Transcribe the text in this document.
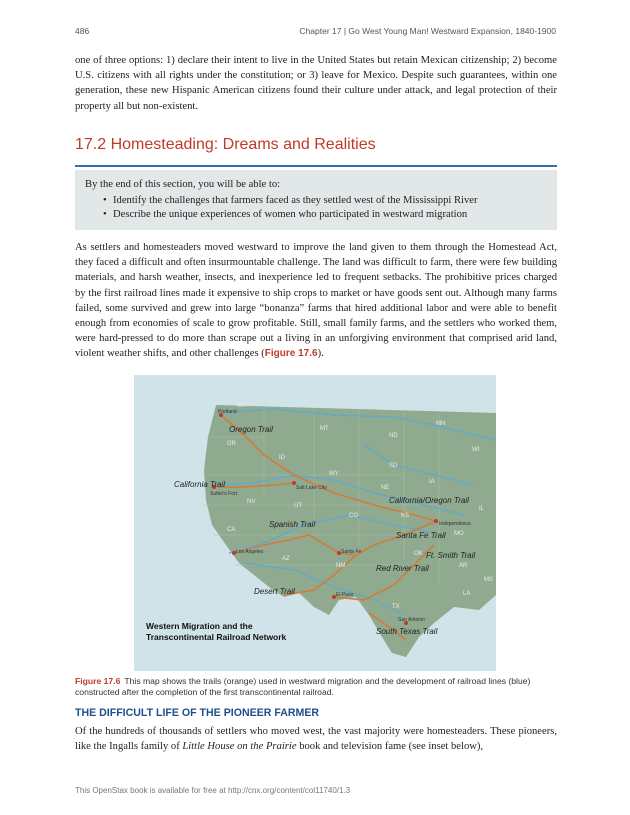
486	Chapter 17 | Go West Young Man! Westward Expansion, 1840-1900

one of three options: 1) declare their intent to live in the United States but retain Mexican citizenship; 2) become U.S. citizens with all rights under the constitution; or 3) leave for Mexico. Despite such guarantees, within one generation, these new Hispanic American citizens found their culture under attack, and legal protection of their property all but non-existent.

17.2 Homesteading: Dreams and Realities

By the end of this section, you will be able to:

• Identify the challenges that farmers faced as they settled west of the Mississippi River
• Describe the unique experiences of women who participated in westward migration

As settlers and homesteaders moved westward to improve the land given to them through the Homestead Act, they faced a difficult and often insurmountable challenge. The land was difficult to farm, there were few building materials, and harsh weather, insects, and inexperience led to frequent setbacks. The prohibitive prices charged by the first railroad lines made it expensive to ship crops to market or have goods sent out. Although many farms failed, some survived and grew into large “bonanza” farms that hired additional labor and were able to benefit enough from economies of scale to grow profitable. Still, small family farms, and the settlers who worked them, were hard-pressed to do more than scrape out a living in an unforgiving environment that comprised arid land, violent weather shifts, and other challenges (Figure 17.6).

Portland
Sutter's Fort
Salt Lake City
Independence
Los Angeles	Santa Fe
El Paso
San Antonio
Oregon Trail
California Trail
Spanish Trail
California/Oregon Trail
Santa Fe Trail
Ft. Smith Trail
Red River Trail
Desert Trail
South Texas Trail
WA
OR
ID
MT
ND
MN
SD
WY
NE
IA
CA
NV
UT
CO	KS
MO
IL
AZ
NM
OK
AR
TX
LA
MS
WI
Western Migration and the
Transcontinental Railroad Network

Figure 17.6 This map shows the trails (orange) used in westward migration and the development of railroad lines (blue) constructed after the completion of the first transcontinental railroad.

THE DIFFICULT LIFE OF THE PIONEER FARMER

Of the hundreds of thousands of settlers who moved west, the vast majority were homesteaders. These pioneers, like the Ingalls family of Little House on the Prairie book and television fame (see inset below),

This OpenStax book is available for free at http://cnx.org/content/col11740/1.3
